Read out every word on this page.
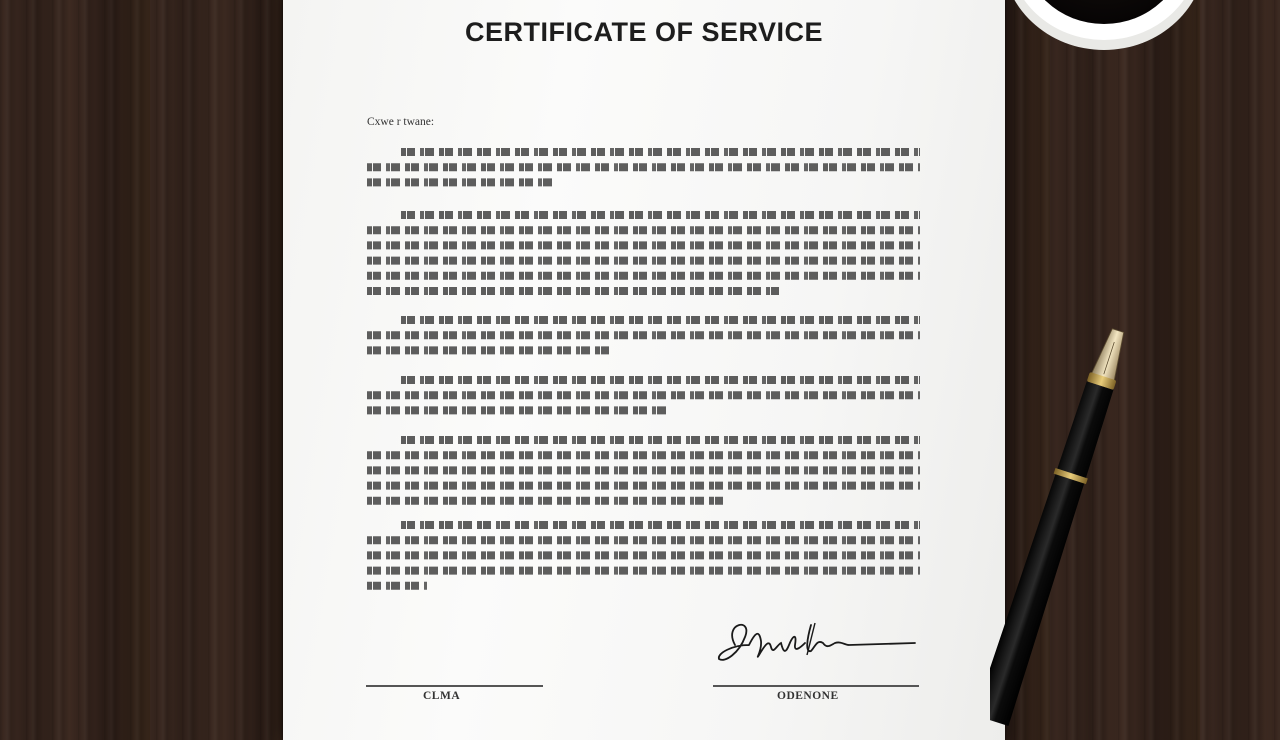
CERTIFICATE OF SERVICE
Cxwe r twane:
CLMA	ODENONE
